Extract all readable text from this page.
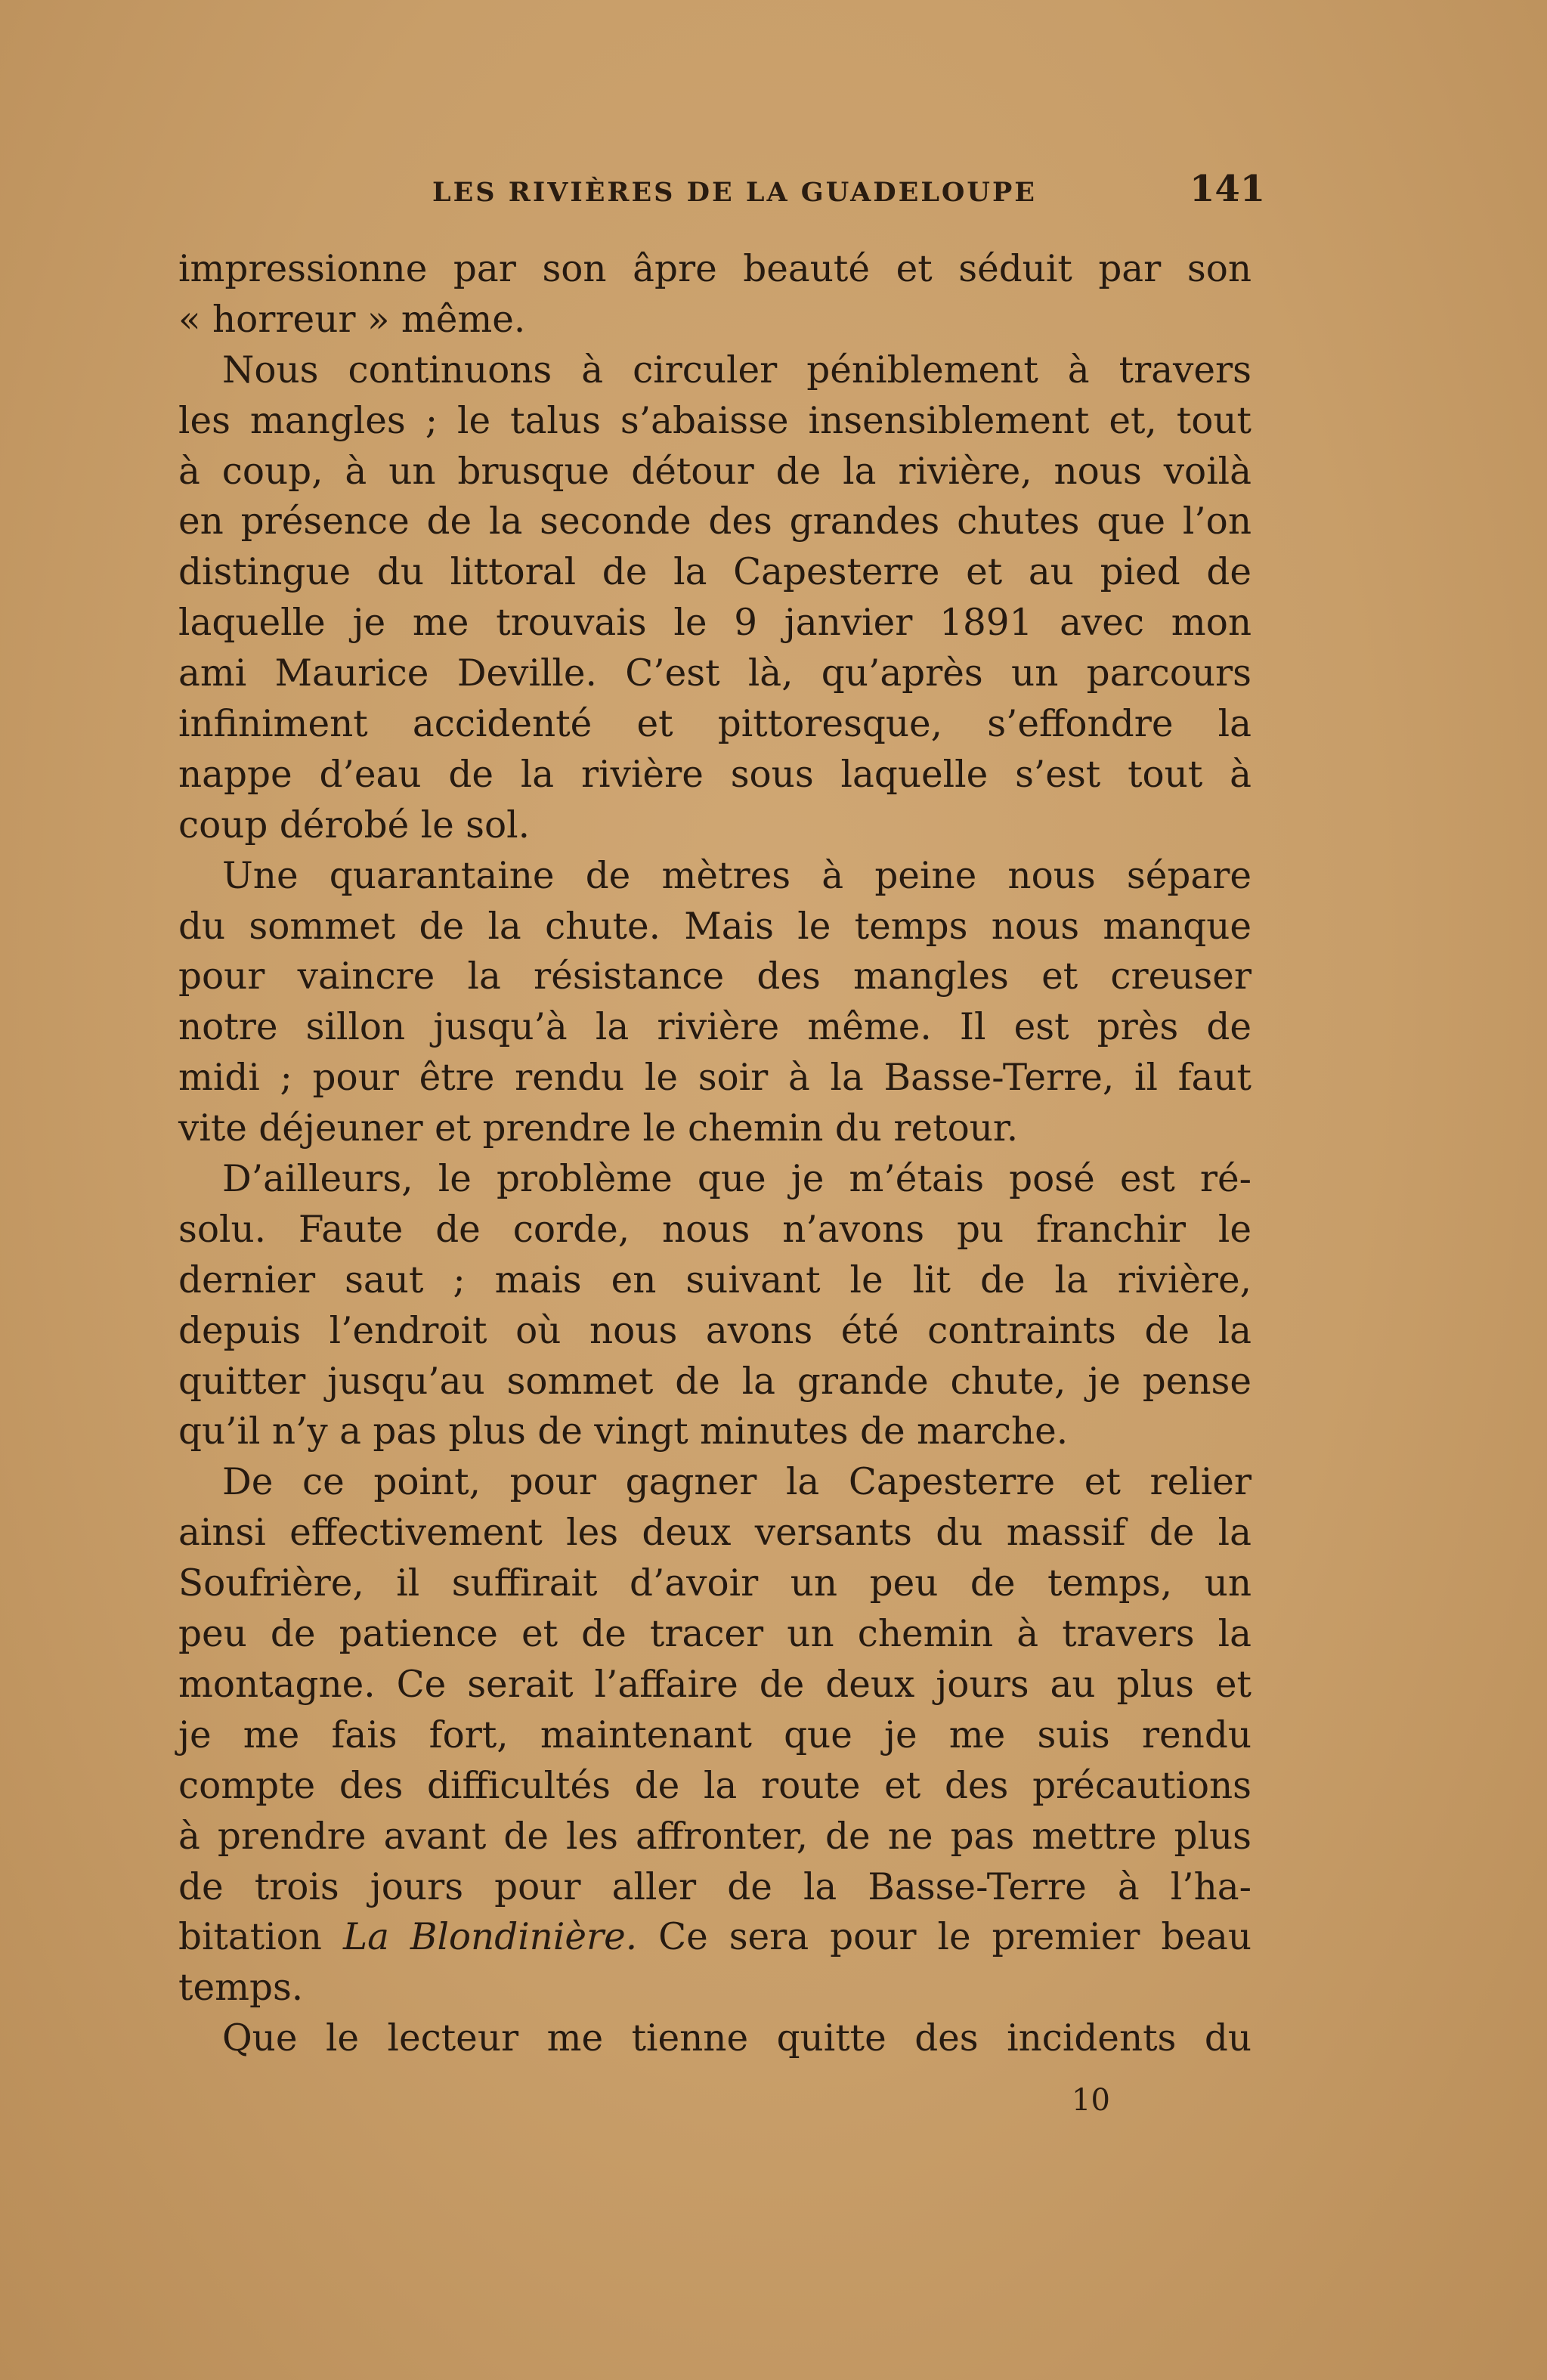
LES RIVIÈRES DE LA GUADELOUPE	141
impressionne par son âpre beauté et séduit par son
« horreur » même.
Nous continuons à circuler péniblement à travers
les mangles ; le talus s’abaisse insensiblement et, tout
à coup, à un brusque détour de la rivière, nous voilà
en présence de la seconde des grandes chutes que l’on
distingue du littoral de la Capesterre et au pied de
laquelle je me trouvais le 9 janvier 1891 avec mon
ami Maurice Deville. C’est là, qu’après un parcours
infiniment accidenté et pittoresque, s’effondre la
nappe d’eau de la rivière sous laquelle s’est tout à
coup dérobé le sol.
Une quarantaine de mètres à peine nous sépare
du sommet de la chute. Mais le temps nous manque
pour vaincre la résistance des mangles et creuser
notre sillon jusqu’à la rivière même. Il est près de
midi ; pour être rendu le soir à la Basse-Terre, il faut
vite déjeuner et prendre le chemin du retour.
D’ailleurs, le problème que je m’étais posé est ré-
solu. Faute de corde, nous n’avons pu franchir le
dernier saut ; mais en suivant le lit de la rivière,
depuis l’endroit où nous avons été contraints de la
quitter jusqu’au sommet de la grande chute, je pense
qu’il n’y a pas plus de vingt minutes de marche.
De ce point, pour gagner la Capesterre et relier
ainsi effectivement les deux versants du massif de la
Soufrière, il suffirait d’avoir un peu de temps, un
peu de patience et de tracer un chemin à travers la
montagne. Ce serait l’affaire de deux jours au plus et
je me fais fort, maintenant que je me suis rendu
compte des difficultés de la route et des précautions
à prendre avant de les affronter, de ne pas mettre plus
de trois jours pour aller de la Basse-Terre à l’ha-
bitation La Blondinière. Ce sera pour le premier beau
temps.
Que le lecteur me tienne quitte des incidents du
10
